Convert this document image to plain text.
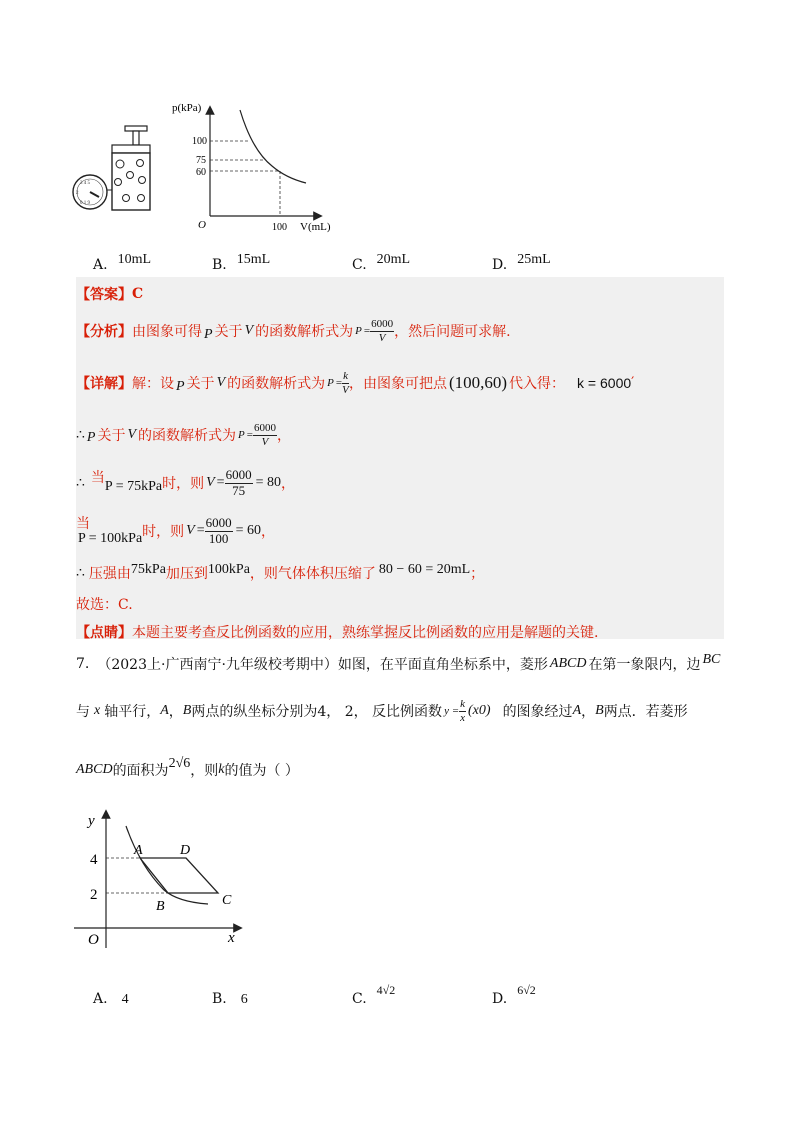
3 4 5
2
0 1 9
p(kPa)
100
75
60
O	100 V(mL)
A. 10mL	B. 15mL	C. 20mL	D. 25mL
【答案】 C
【分析】 由图象可得 P 关于 V 的函数解析式为 $P = \frac{6000}{V}$ ，然后问题可求解.
【详解】 解：设 P 关于 V 的函数解析式为 $P = \frac{k}{V}$ ，由图象可把点 (100,60) 代入得： k = 6000 ′
∴ P 关于 V 的函数解析式为 $P = \frac{6000}{V}$ ，
∴ 当
P = 75kPa 时，则 $V = \frac{6000}{75} = 80$ ，
当
P = 100kPa 时，则 $V = \frac{6000}{100} = 60$ ，
∴ 压强由 75kPa 加压到 100kPa ，则气体体积压缩了 80 − 60 = 20mL ；
故选：C.
【点睛】 本题主要考查反比例函数的应用，熟练掌握反比例函数的应用是解题的关键.
7. （2023上·广西南宁·九年级校考期中）如图，在平面直角坐标系中，菱形 ABCD 在第一象限内，边 BC
与 x 轴平行， A ， B 两点的纵坐标分别为4， 2， 反比例函数 $y = \frac{k}{x} (x0)$ 的图象经过 A ， B 两点．若菱形
ABCD 的面积为 2√6 ，则 k 的值为（ ）
y
4
2
O	x
A	D
C
B
A. 4	B. 6	C.4√2
D.6√2
